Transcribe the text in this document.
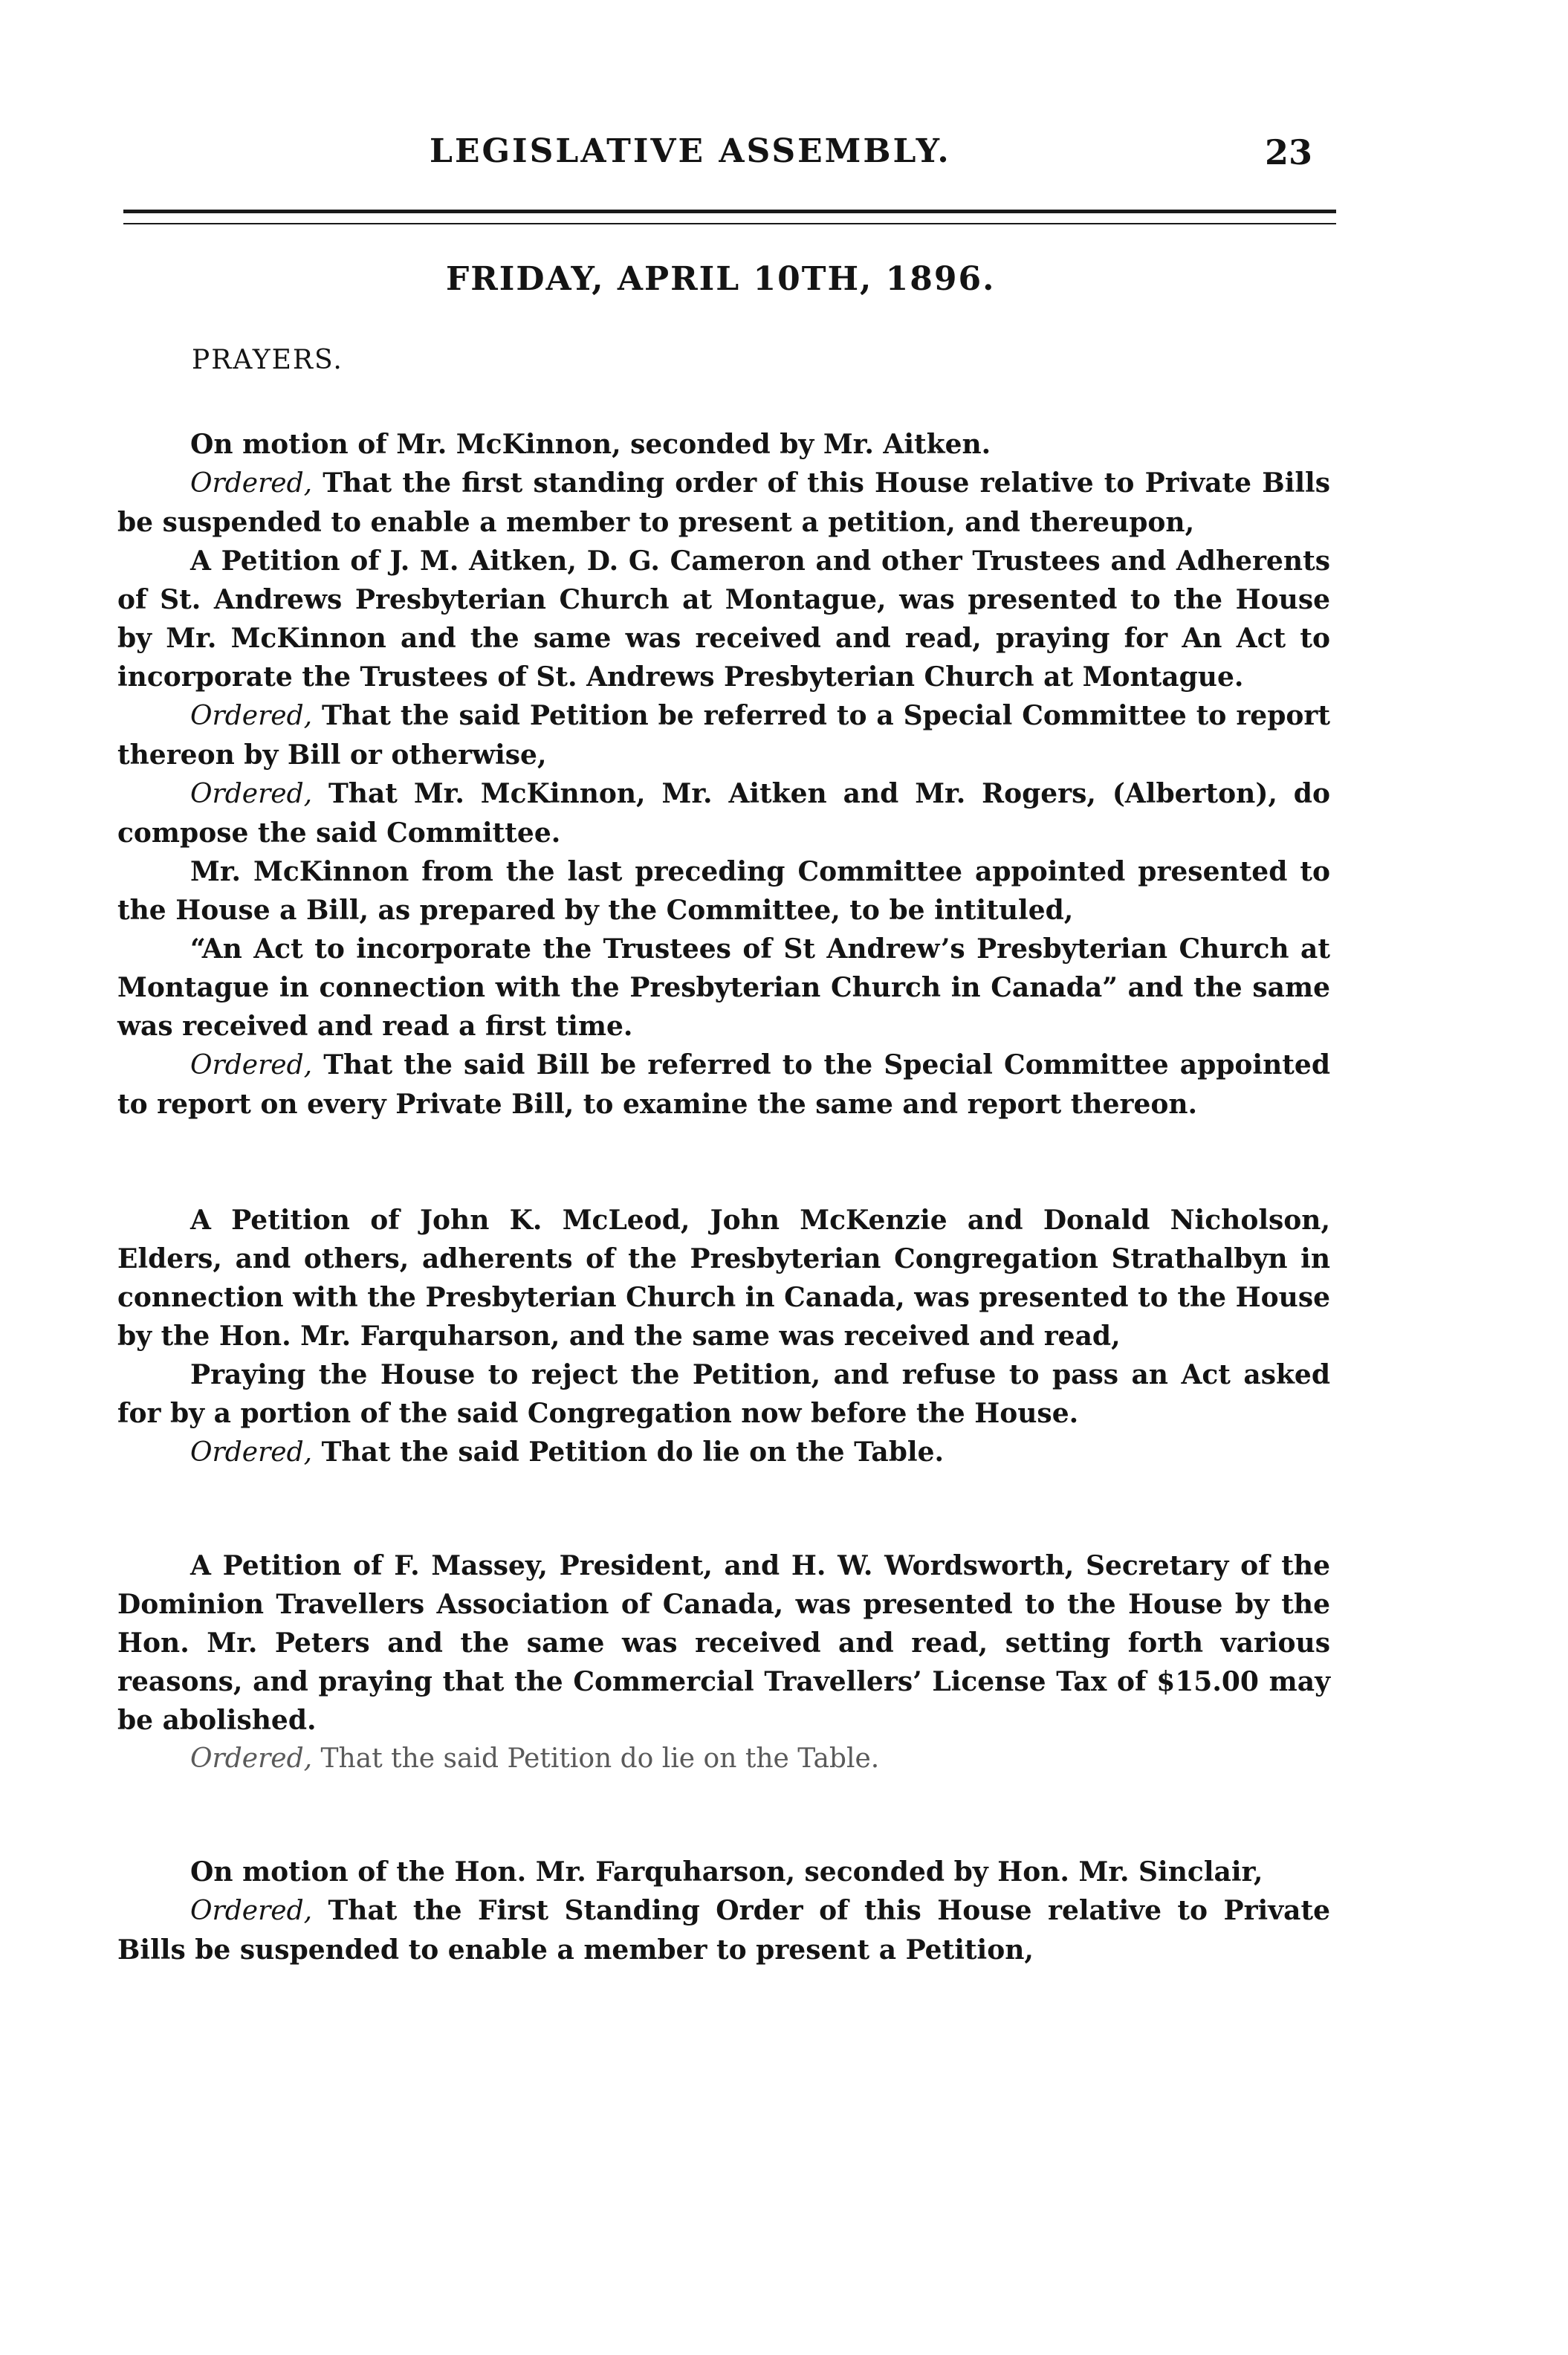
LEGISLATIVE ASSEMBLY.	23
FRIDAY, APRIL 10TH, 1896.
PRAYERS.

On motion of Mr. McKinnon, seconded by Mr. Aitken.

Ordered, That the first standing order of this House relative to Private Bills be suspended to enable a member to present a petition, and thereupon,

A Petition of J. M. Aitken, D. G. Cameron and other Trustees and Adherents of St. Andrews Presbyterian Church at Montague, was presented to the House by Mr. McKinnon and the same was received and read, praying for An Act to incorporate the Trustees of St. Andrews Presbyterian Church at Montague.

Ordered, That the said Petition be referred to a Special Committee to report thereon by Bill or otherwise,

Ordered, That Mr. McKinnon, Mr. Aitken and Mr. Rogers, (Alberton), do compose the said Committee.

Mr. McKinnon from the last preceding Committee appointed presented to the House a Bill, as prepared by the Committee, to be intituled,

“An Act to incorporate the Trustees of St Andrew’s Presbyterian Church at Montague in connection with the Presbyterian Church in Canada” and the same was received and read a first time.

Ordered, That the said Bill be referred to the Special Committee appointed to report on every Private Bill, to examine the same and report thereon.

A Petition of John K. McLeod, John McKenzie and Donald Nicholson, Elders, and others, adherents of the Presbyterian Congregation Strathalbyn in connection with the Presbyterian Church in Canada, was presented to the House by the Hon. Mr. Farquharson, and the same was received and read,

Praying the House to reject the Petition, and refuse to pass an Act asked for by a portion of the said Congregation now before the House.

Ordered, That the said Petition do lie on the Table.

A Petition of F. Massey, President, and H. W. Wordsworth, Secretary of the Dominion Travellers Association of Canada, was presented to the House by the Hon. Mr. Peters and the same was received and read, setting forth various reasons, and praying that the Commercial Travellers’ License Tax of $15.00 may be abolished.

Ordered, That the said Petition do lie on the Table.

On motion of the Hon. Mr. Farquharson, seconded by Hon. Mr. Sinclair,

Ordered, That the First Standing Order of this House relative to Private Bills be suspended to enable a member to present a Petition,
